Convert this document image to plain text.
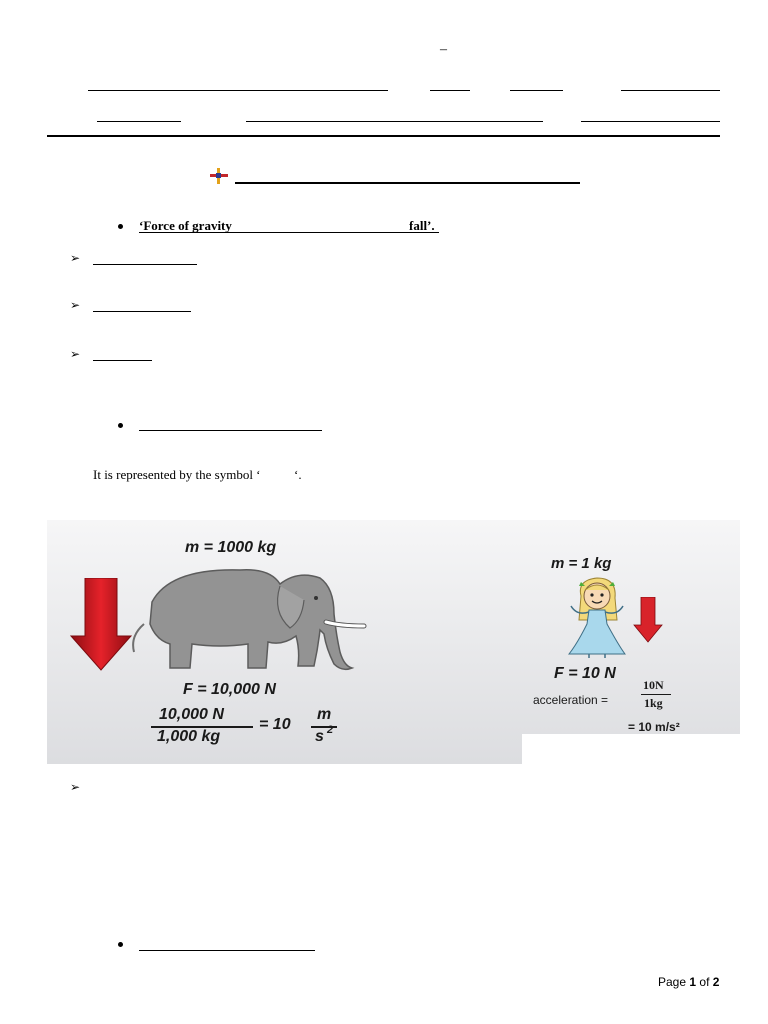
–
‘Force of gravity	fall’.
➢
➢
➢
It is represented by the symbol ‘	‘.
m = 1000 kg
F = 10,000 N
10,000 N
1,000 kg
= 10
m
s 2
m = 1 kg
F = 10 N
acceleration =
10N
1kg
= 10 m/s²
➢
Page 1 of 2
